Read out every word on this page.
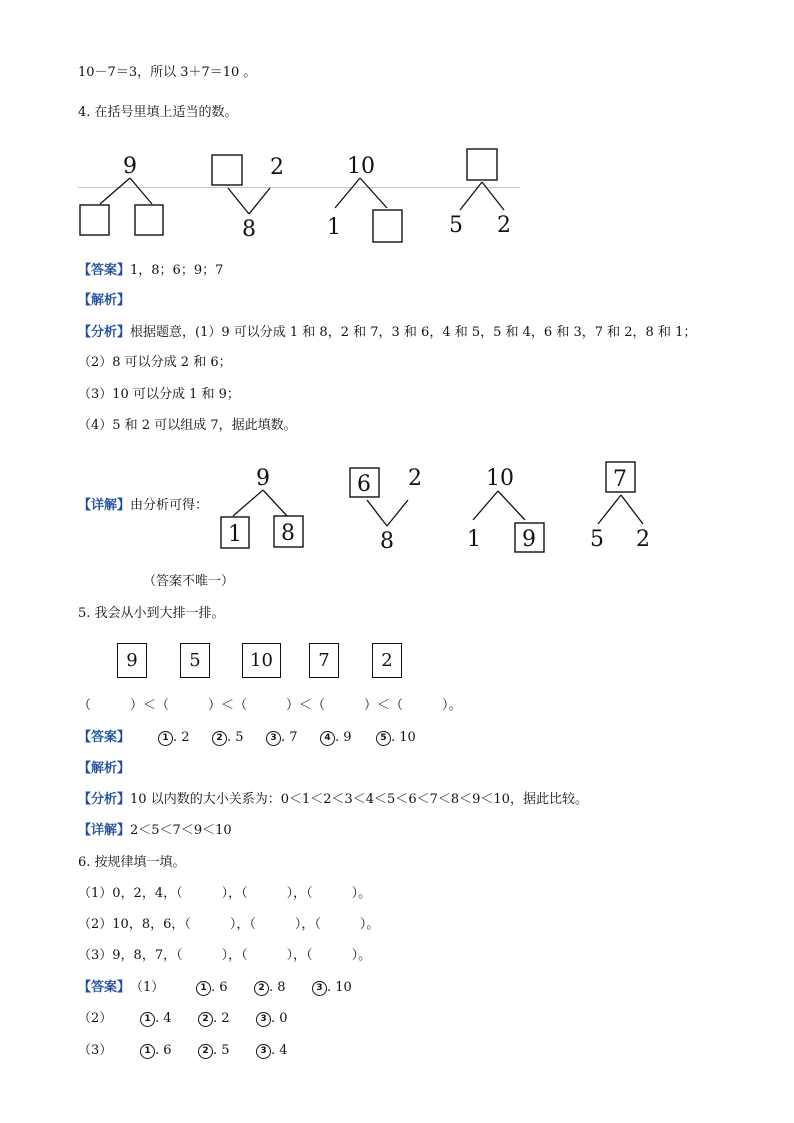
10－7＝3，所以 3＋7＝10 。
4. 在括号里填上适当的数。
9	2
8
10
1	5 2
【答案】1，8；6；9；7
【解析】
【分析】根据题意，(1）9 可以分成 1 和 8，2 和 7，3 和 6，4 和 5，5 和 4，6 和 3，7 和 2，8 和 1；
（2）8 可以分成 2 和 6；
（3）10 可以分成 1 和 9；
（4）5 和 2 可以组成 7，据此填数。
【详解】由分析可得：
9
1 8
6 2
8
10
1 9
7
5 2
（答案不唯一）
5. 我会从小到大排一排。
9	5	10	7	2
（　　　）＜（　　　）＜（　　　）＜（　　　）＜（　　　）。
【答案】	1 . 2	2 . 5	3 . 7	4 . 9	5 . 10
【解析】
【分析】10 以内数的大小关系为：0＜1＜2＜3＜4＜5＜6＜7＜8＜9＜10，据此比较。
【详解】2＜5＜7＜9＜10
6. 按规律填一填。
（1）0，2，4，（　　　），（　　　），（　　　）。
（2）10，8，6，（　　　），（　　　），（　　　）。
（3）9，8，7，（　　　），（　　　），（　　　）。
【答案】（1）	1 . 6	2 . 8	3 . 10
（2）	1 . 4	2 . 2	3 . 0
（3）	1 . 6	2 . 5	3 . 4
